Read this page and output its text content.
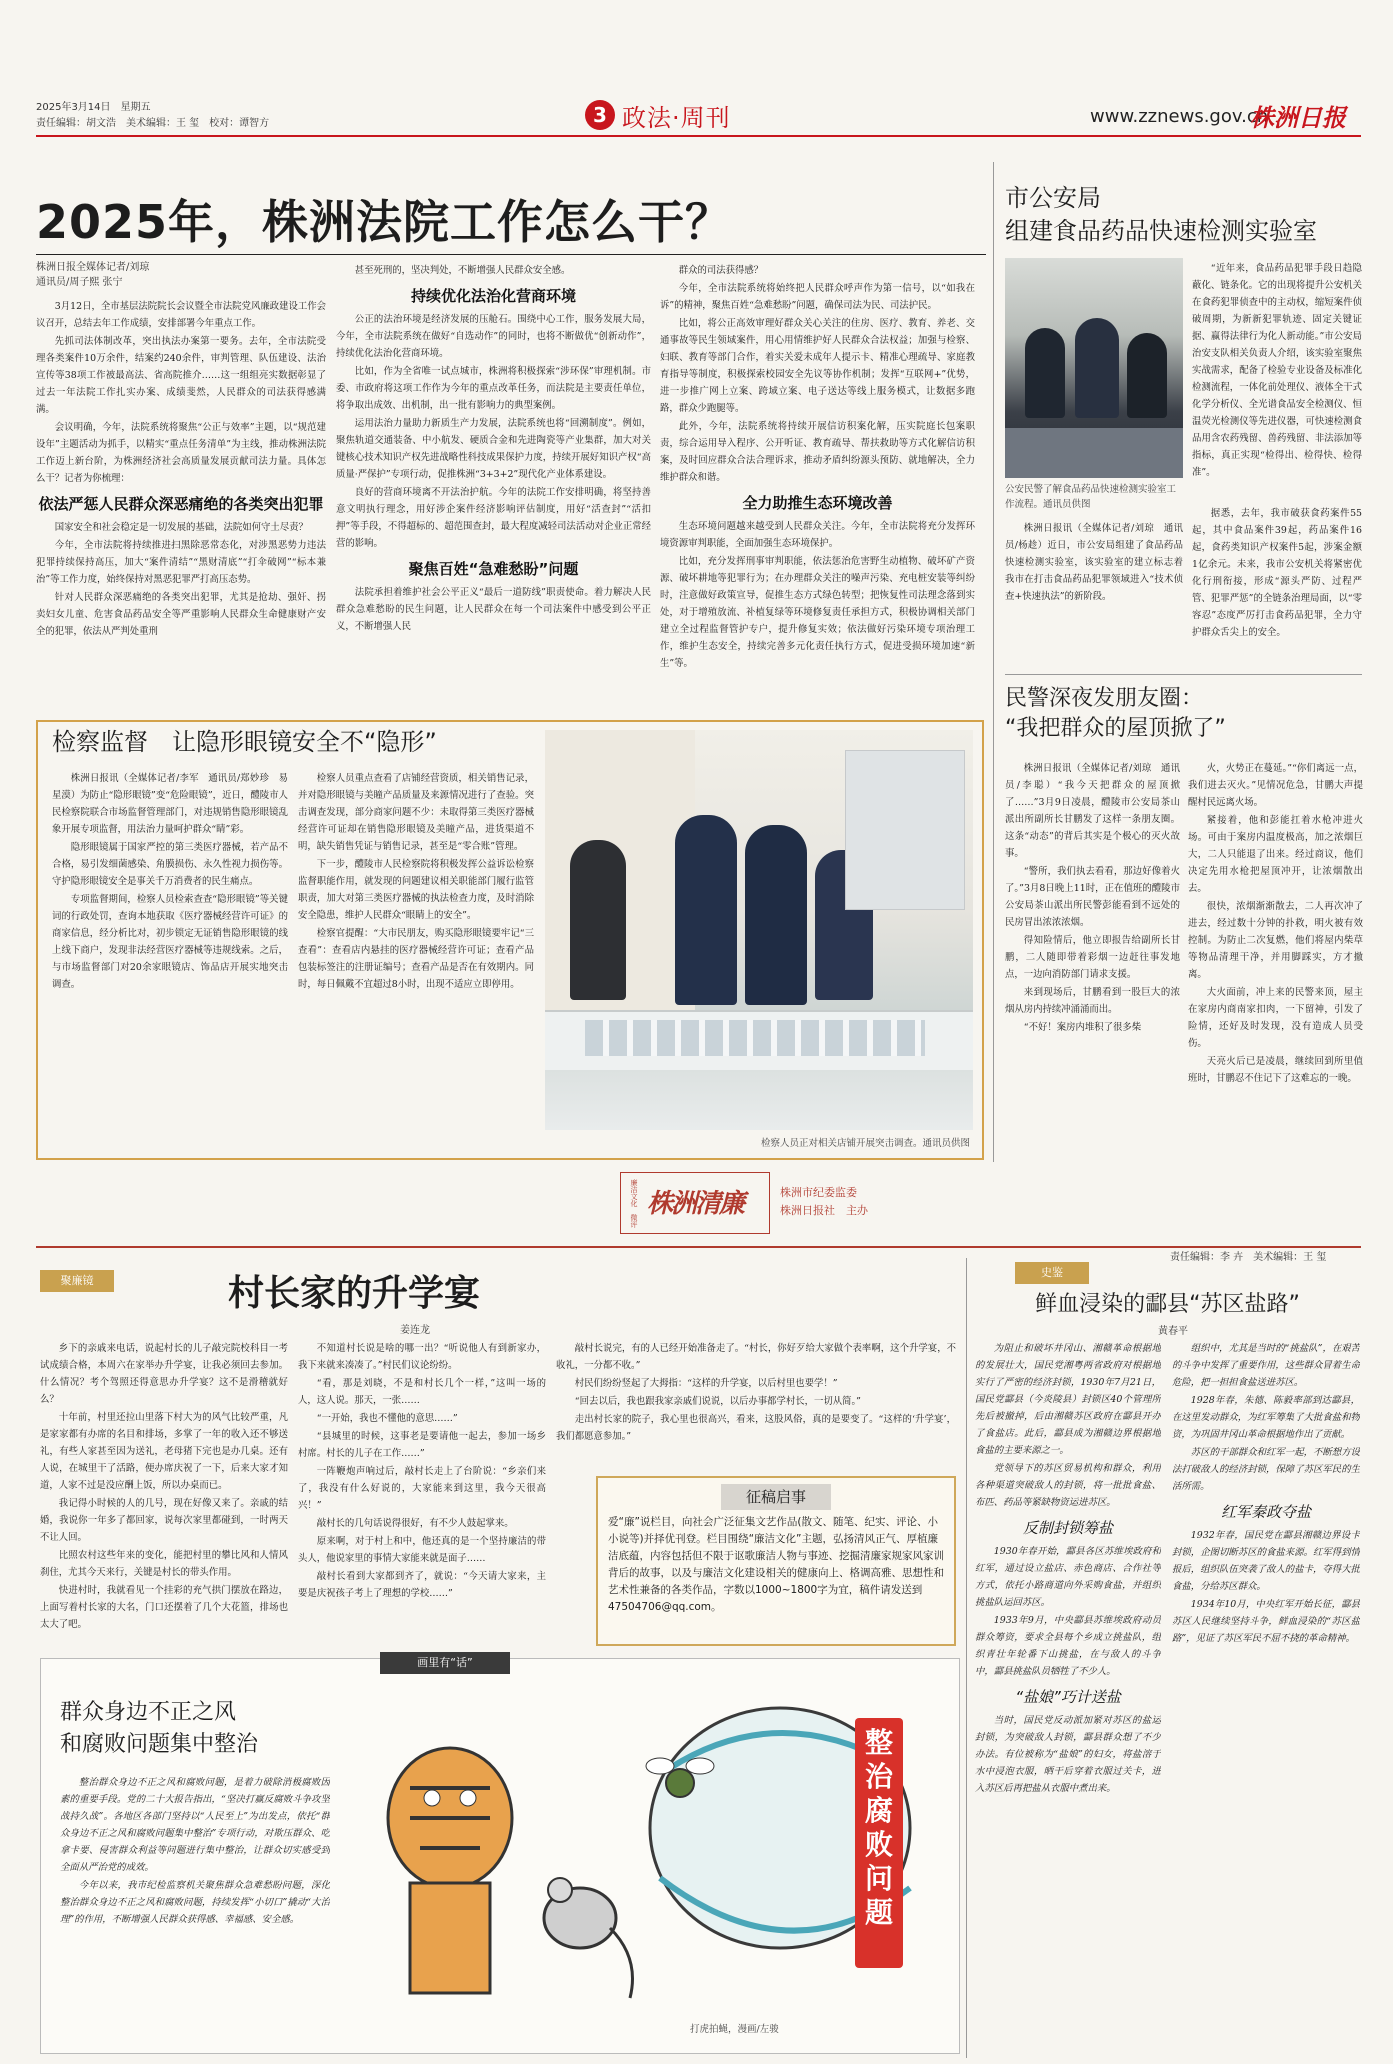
2025年3月14日　星期五
责任编辑：胡文浩　美术编辑：王 玺　校对：谭智方	3 政法·周刊	www.zznews.gov.cn
株洲日报
2025年，株洲法院工作怎么干？
株洲日报全媒体记者/刘琼
通讯员/周子熙 张宁

3月12日，全市基层法院院长会议暨全市法院党风廉政建设工作会议召开，总结去年工作成绩，安排部署今年重点工作。

先抓司法体制改革，突出执法办案第一要务。去年，全市法院受理各类案件10万余件，结案约240余件，审判管理、队伍建设、法治宣传等38项工作被最高法、省高院推介……这一组组亮实数据彰显了过去一年法院工作扎实办案、成绩斐然，人民群众的司法获得感满满。

会议明确，今年，法院系统将聚焦“公正与效率”主题，以“规范建设年”主题活动为抓手，以精实“重点任务清单”为主线，推动株洲法院工作迈上新台阶，为株洲经济社会高质量发展贡献司法力量。具体怎么干？记者为你梳理：

依法严惩人民群众深恶痛绝的各类突出犯罪

国家安全和社会稳定是一切发展的基础，法院如何守土尽责？

今年，全市法院将持续推进扫黑除恶常态化，对涉黑恶势力违法犯罪持续保持高压，加大“案件清结”“黑财清底”“打伞破网”“标本兼治”等工作力度，始终保持对黑恶犯罪严打高压态势。

针对人民群众深恶痛绝的各类突出犯罪，尤其是抢劫、强奸、拐卖妇女儿童、危害食品药品安全等严重影响人民群众生命健康财产安全的犯罪，依法从严判处重刑

甚至死刑的，坚决判处，不断增强人民群众安全感。

持续优化法治化营商环境

公正的法治环境是经济发展的压舱石。围绕中心工作，服务发展大局，今年，全市法院系统在做好“自选动作”的同时，也将不断做优“创新动作”，持续优化法治化营商环境。

比如，作为全省唯一试点城市，株洲将积极探索“涉环保”审理机制。市委、市政府将这项工作作为今年的重点改革任务，而法院是主要责任单位，将争取出成效、出机制，出一批有影响力的典型案例。

运用法治力量助力新质生产力发展，法院系统也将“回溯制度”。例如，聚焦轨道交通装备、中小航发、硬质合金和先进陶瓷等产业集群，加大对关键核心技术知识产权先进战略性科技成果保护力度，持续开展好知识产权“高质量·严保护”专项行动，促推株洲“3+3+2”现代化产业体系建设。

良好的营商环境离不开法治护航。今年的法院工作安排明确，将坚持善意文明执行理念，用好涉企案件经济影响评估制度，用好“活查封”“活扣押”等手段，不得超标的、超范围查封，最大程度减轻司法活动对企业正常经营的影响。

聚焦百姓“急难愁盼”问题

法院承担着维护社会公平正义“最后一道防线”职责使命。着力解决人民群众急难愁盼的民生问题，让人民群众在每一个司法案件中感受到公平正义，不断增强人民

群众的司法获得感？

今年，全市法院系统将始终把人民群众呼声作为第一信号，以“如我在诉”的精神，聚焦百姓“急难愁盼”问题，确保司法为民、司法护民。

比如，将公正高效审理好群众关心关注的住房、医疗、教育、养老、交通事故等民生领域案件，用心用情维护好人民群众合法权益；加强与检察、妇联、教育等部门合作，着实关爱未成年人提示卡、精准心理疏导、家庭教育指导等制度，积极探索校园安全先议等协作机制；发挥“互联网+”优势，进一步推广网上立案、跨域立案、电子送达等线上服务模式，让数据多跑路，群众少跑腿等。

此外，今年，法院系统将持续开展信访积案化解，压实院庭长包案职责，综合运用导入程序、公开听证、教育疏导、帮扶救助等方式化解信访积案，及时回应群众合法合理诉求，推动矛盾纠纷源头预防、就地解决，全力维护群众和谐。

全力助推生态环境改善

生态环境问题越来越受到人民群众关注。今年，全市法院将充分发挥环境资源审判职能，全面加强生态环境保护。

比如，充分发挥刑事审判职能，依法惩治危害野生动植物、破坏矿产资源、破坏耕地等犯罪行为；在办理群众关注的噪声污染、充电桩安装等纠纷时，注意做好政策宣导，促推生态方式绿色转型；把恢复性司法理念落到实处，对于增殖放流、补植复绿等环境修复责任承担方式，积极协调相关部门建立全过程监督管护专户，提升修复实效；依法做好污染环境专项治理工作，维护生态安全，持续完善多元化责任执行方式，促进受损环境加速“新生”等。

市公安局
组建食品药品快速检测实验室
公安民警了解食品药品快速检测实验室工作流程。通讯员供图

“近年来，食品药品犯罪手段日趋隐蔽化、链条化。它的出现将提升公安机关在食药犯罪侦查中的主动权，缩短案件侦破周期，为新新犯罪轨迹、固定关键证据、赢得法律行为化人新动能。”市公安局治安支队相关负责人介绍，该实验室聚焦实战需求，配备了检验专业设备及标准化检测流程，一体化前处理仪、液体全干式化学分析仪、全光谱食品安全检测仪、恒温荧光检测仪等先进仪器，可快速检测食品用含农药残留、兽药残留、非法添加等指标，真正实现“检得出、检得快、检得准”。

株洲日报讯（全媒体记者/刘琼　通讯员/杨趁）近日，市公安局组建了食品药品快速检测实验室，该实验室的建立标志着我市在打击食品药品犯罪领域进入“技术侦查+快速执法”的新阶段。

据悉，去年，我市破获食药案件55起，其中食品案件39起，药品案件16起，食药类知识产权案件5起，涉案金额1亿余元。未来，我市公安机关将紧密优化行刑衔接，形成“源头严防、过程严管、犯罪严惩”的全链条治理局面，以“零容忍”态度严厉打击食药品犯罪，全力守护群众舌尖上的安全。

民警深夜发朋友圈：
“我把群众的屋顶掀了”

株洲日报讯（全媒体记者/刘琼　通讯员/李聪）“我今天把群众的屋顶掀了……”3月9日凌晨，醴陵市公安局茶山派出所副所长甘鹏发了这样一条朋友圈。这条“动态”的背后其实是个极心的灭火故事。

“警所，我们执去看看，那边好像着火了。”3月8日晚上11时，正在值班的醴陵市公安局茶山派出所民警彭能看到不远处的民房冒出浓浓浓烟。

得知险情后，他立即报告给副所长甘鹏，二人随即带着彩烟一边赶往事发地点，一边向消防部门请求支援。

来到现场后，甘鹏看到一股巨大的浓烟从房内持续冲涌涌而出。

“不好！案房内堆积了很多柴

火，火势正在蔓延。”“你们离远一点，我们进去灭火。”见情况危急，甘鹏大声提醒村民远离火场。

紧接着，他和彭能扛着水枪冲进火场。可由于案房内温度极高，加之浓烟巨大，二人只能退了出来。经过商议，他们决定先用水枪把屋顶冲开，让浓烟散出去。

很快，浓烟渐渐散去，二人再次冲了进去，经过数十分钟的扑救，明火被有效控制。为防止二次复燃，他们将屋内柴草等物品清理干净，并用脚踩实，方才撤离。

大火面前，冲上来的民警来顶，屋主在家房内商南家扣肉，一下留神，引发了险情，还好及时发现，没有造成人员受伤。

天亮火后已是凌晨，继续回到所里值班时，甘鹏忍不住记下了这难忘的一晚。

检察监督　让隐形眼镜安全不“隐形”

株洲日报讯（全媒体记者/李军　通讯员/郑妙珍　易星漠）为防止“隐形眼镜”变“危险眼镜”，近日，醴陵市人民检察院联合市场监督管理部门，对违规销售隐形眼镜乱象开展专项监督，用法治力量呵护群众“睛”彩。

隐形眼镜属于国家严控的第三类医疗器械，若产品不合格，易引发细菌感染、角膜损伤、永久性视力损伤等。守护隐形眼镜安全是事关千万消费者的民生痛点。

专项监督期间，检察人员检索查查“隐形眼镜”等关键词的行政处罚，查询本地获取《医疗器械经营许可证》的商家信息，经分析比对，初步锁定无证销售隐形眼镜的线上线下商户，发现非法经营医疗器械等违规线索。之后，与市场监督部门对20余家眼镜店、饰品店开展实地突击调查。

检察人员重点查看了店铺经营资质，相关销售记录，并对隐形眼镜与美瞳产品质量及来源情况进行了查验。突击调查发现，部分商家问题不少：未取得第三类医疗器械经营许可证却在销售隐形眼镜及美瞳产品，进货渠道不明，缺失销售凭证与销售记录，甚至是“零合账”管理。

下一步，醴陵市人民检察院将积极发挥公益诉讼检察监督职能作用，就发现的问题建议相关职能部门履行监管职责，加大对第三类医疗器械的执法检查力度，及时消除安全隐患，维护人民群众“眼睛上的安全”。

检察官提醒：“大市民朋友，购买隐形眼镜要牢记“三查看”：查看店内悬挂的医疗器械经营许可证；查看产品包装标签注的注册证编号；查看产品是否在有效期内。同时，每日佩戴不宜超过8小时，出现不适应立即停用。

检察人员正对相关店铺开展突击调查。通讯员供图
廉洁文化　微评 株洲清廉	株洲市纪委监委
株洲日报社　主办
责任编辑：李 卉　美术编辑：王 玺
聚廉镜	村长家的升学宴
姜连龙

乡下的亲戚来电话，说起村长的儿子敲完院校科目一考试成绩合格，本周六在家举办升学宴，让我必须回去参加。什么情况？考个驾照还得意思办升学宴？这不是滑稽就好么？

十年前，村里还拉山里落下村大为的风气比较严重，凡是家家都有办席的名目和排场，多掌了一年的收入还不够送礼，有些人家甚至因为送礼，老母猪下完也是办几桌。还有人说，在城里干了活路，便办席庆祝了一下，后来大家才知道，人家不过是没应酬上饭，所以办桌而已。

我记得小时候的人的几号，现在好像又来了。亲戚的结婚，我说你一年多了都回家，说每次家里都碰到，一时两天不让人回。

比照农村这些年来的变化，能把村里的攀比风和人情风刹住，尤其今天来行，关键是村长的带头作用。

快进村时，我就看见一个挂彩的充气拱门摆放在路边，上面写着村长家的大名，门口还摆着了几个大花篮，排场也太大了吧。

不知道村长说是啥的哪一出？“听说他人有到新家办，我下来就来凑凑了。”村民们议论纷纷。

“看，那是刘晓，不是和村长几个一样，”这叫一场的人，这人说。那天，一张……

“一开始，我也不懂他的意思……”

“县城里的时候，这事老是要请他一起去，参加一场乡村席。村长的儿子在工作……”

一阵鞭炮声响过后，敲村长走上了台阶说：“乡亲们来了，我没有什么好说的，大家能来到这里，我今天很高兴！”

敲村长的几句话说得很好，有不少人鼓起掌来。

原来啊，对于村上和中，他还真的是一个坚持廉洁的带头人，他说家里的事情大家能来就是面子……

敲村长看到大家都到齐了，就说：“今天请大家来，主要是庆祝孩子考上了理想的学校……”

敲村长说完，有的人已经开始准备走了。“村长，你好歹给大家做个表率啊，这个升学宴，不收礼，一分都不收。”

村民们纷纷竖起了大拇指：“这样的升学宴，以后村里也要学！”

“回去以后，我也跟我家亲戚们说说，以后办事都学村长，一切从简。”

走出村长家的院子，我心里也很高兴，看来，这股风俗，真的是要变了。“这样的‘升学宴’，我们都愿意参加。”

征稿启事
爱“廉”说栏目，向社会广泛征集文艺作品(散文、随笔、纪实、评论、小小说等)并择优刊登。栏目围绕“廉洁文化”主题，弘扬清风正气、厚植廉洁底蕴，内容包括但不限于讴歌廉洁人物与事迹、挖掘清廉家规家风家训背后的故事，以及与廉洁文化建设相关的健康向上、格调高雅、思想性和艺术性兼备的各类作品，字数以1000~1800字为宜，稿件请发送到47504706@qq.com。
画里有“话”
群众身边不正之风
和腐败问题集中整治

整治群众身边不正之风和腐败问题，是着力破除消极腐败因素的重要手段。党的二十大报告指出，“坚决打赢反腐败斗争攻坚战持久战”。各地区各部门坚持以“人民至上”为出发点，依托“群众身边不正之风和腐败问题集中整治”专项行动，对欺压群众、吃拿卡要、侵害群众利益等问题进行集中整治，让群众切实感受到全面从严治党的成效。

今年以来，我市纪检监察机关聚焦群众急难愁盼问题，深化整治群众身边不正之风和腐败问题，持续发挥“小切口”撬动“大治理”的作用，不断增强人民群众获得感、幸福感、安全感。

整治腐败问题
打虎拍蝇，漫画/左骏
史鉴
鲜血浸染的酃县“苏区盐路”
黄春平

为阻止和破坏井冈山、湘赣革命根据地的发展壮大，国民党湘粤两省政府对根据地实行了严密的经济封锁，1930年7月21日，国民党酃县（今炎陵县）封锁区40个管理所先后被撤掉，后由湘赣苏区政府在酃县开办了食盐店。此后，酃县成为湘赣边界根据地食盐的主要来源之一。

党领导下的苏区贸易机构和群众，利用各种渠道突破敌人的封锁，将一批批食盐、布匹、药品等紧缺物资运进苏区。

反制封锁筹盐

1930年春开始，酃县各区苏维埃政府和红军，通过设立盐店、赤色商店、合作社等方式，依托小路商道向外采购食盐，并组织挑盐队运回苏区。

1933年9月，中央酃县苏维埃政府动员群众筹资，要求全县每个乡成立挑盐队，组织青壮年轮番下山挑盐，在与敌人的斗争中，酃县挑盐队员牺牲了不少人。

“盐娘”巧计送盐

当时，国民党反动派加紧对苏区的盐运封锁，为突破敌人封锁，酃县群众想了不少办法。有位被称为“盐娘”的妇女，将盐溶于水中浸泡衣服，晒干后穿着衣服过关卡，进入苏区后再把盐从衣服中煮出来。

组织中，尤其是当时的“挑盐队”，在艰苦的斗争中发挥了重要作用，这些群众冒着生命危险，把一担担食盐送进苏区。

1928年春，朱德、陈毅率部到达酃县，在这里发动群众，为红军筹集了大批食盐和物资，为巩固井冈山革命根据地作出了贡献。

苏区的干部群众和红军一起，不断想方设法打破敌人的经济封锁，保障了苏区军民的生活所需。

红军秦政夺盐

1932年春，国民党在酃县湘赣边界设卡封锁，企图切断苏区的食盐来源。红军得到情报后，组织队伍突袭了敌人的盐卡，夺得大批食盐，分给苏区群众。

1934年10月，中央红军开始长征，酃县苏区人民继续坚持斗争，鲜血浸染的“苏区盐路”，见证了苏区军民不屈不挠的革命精神。
